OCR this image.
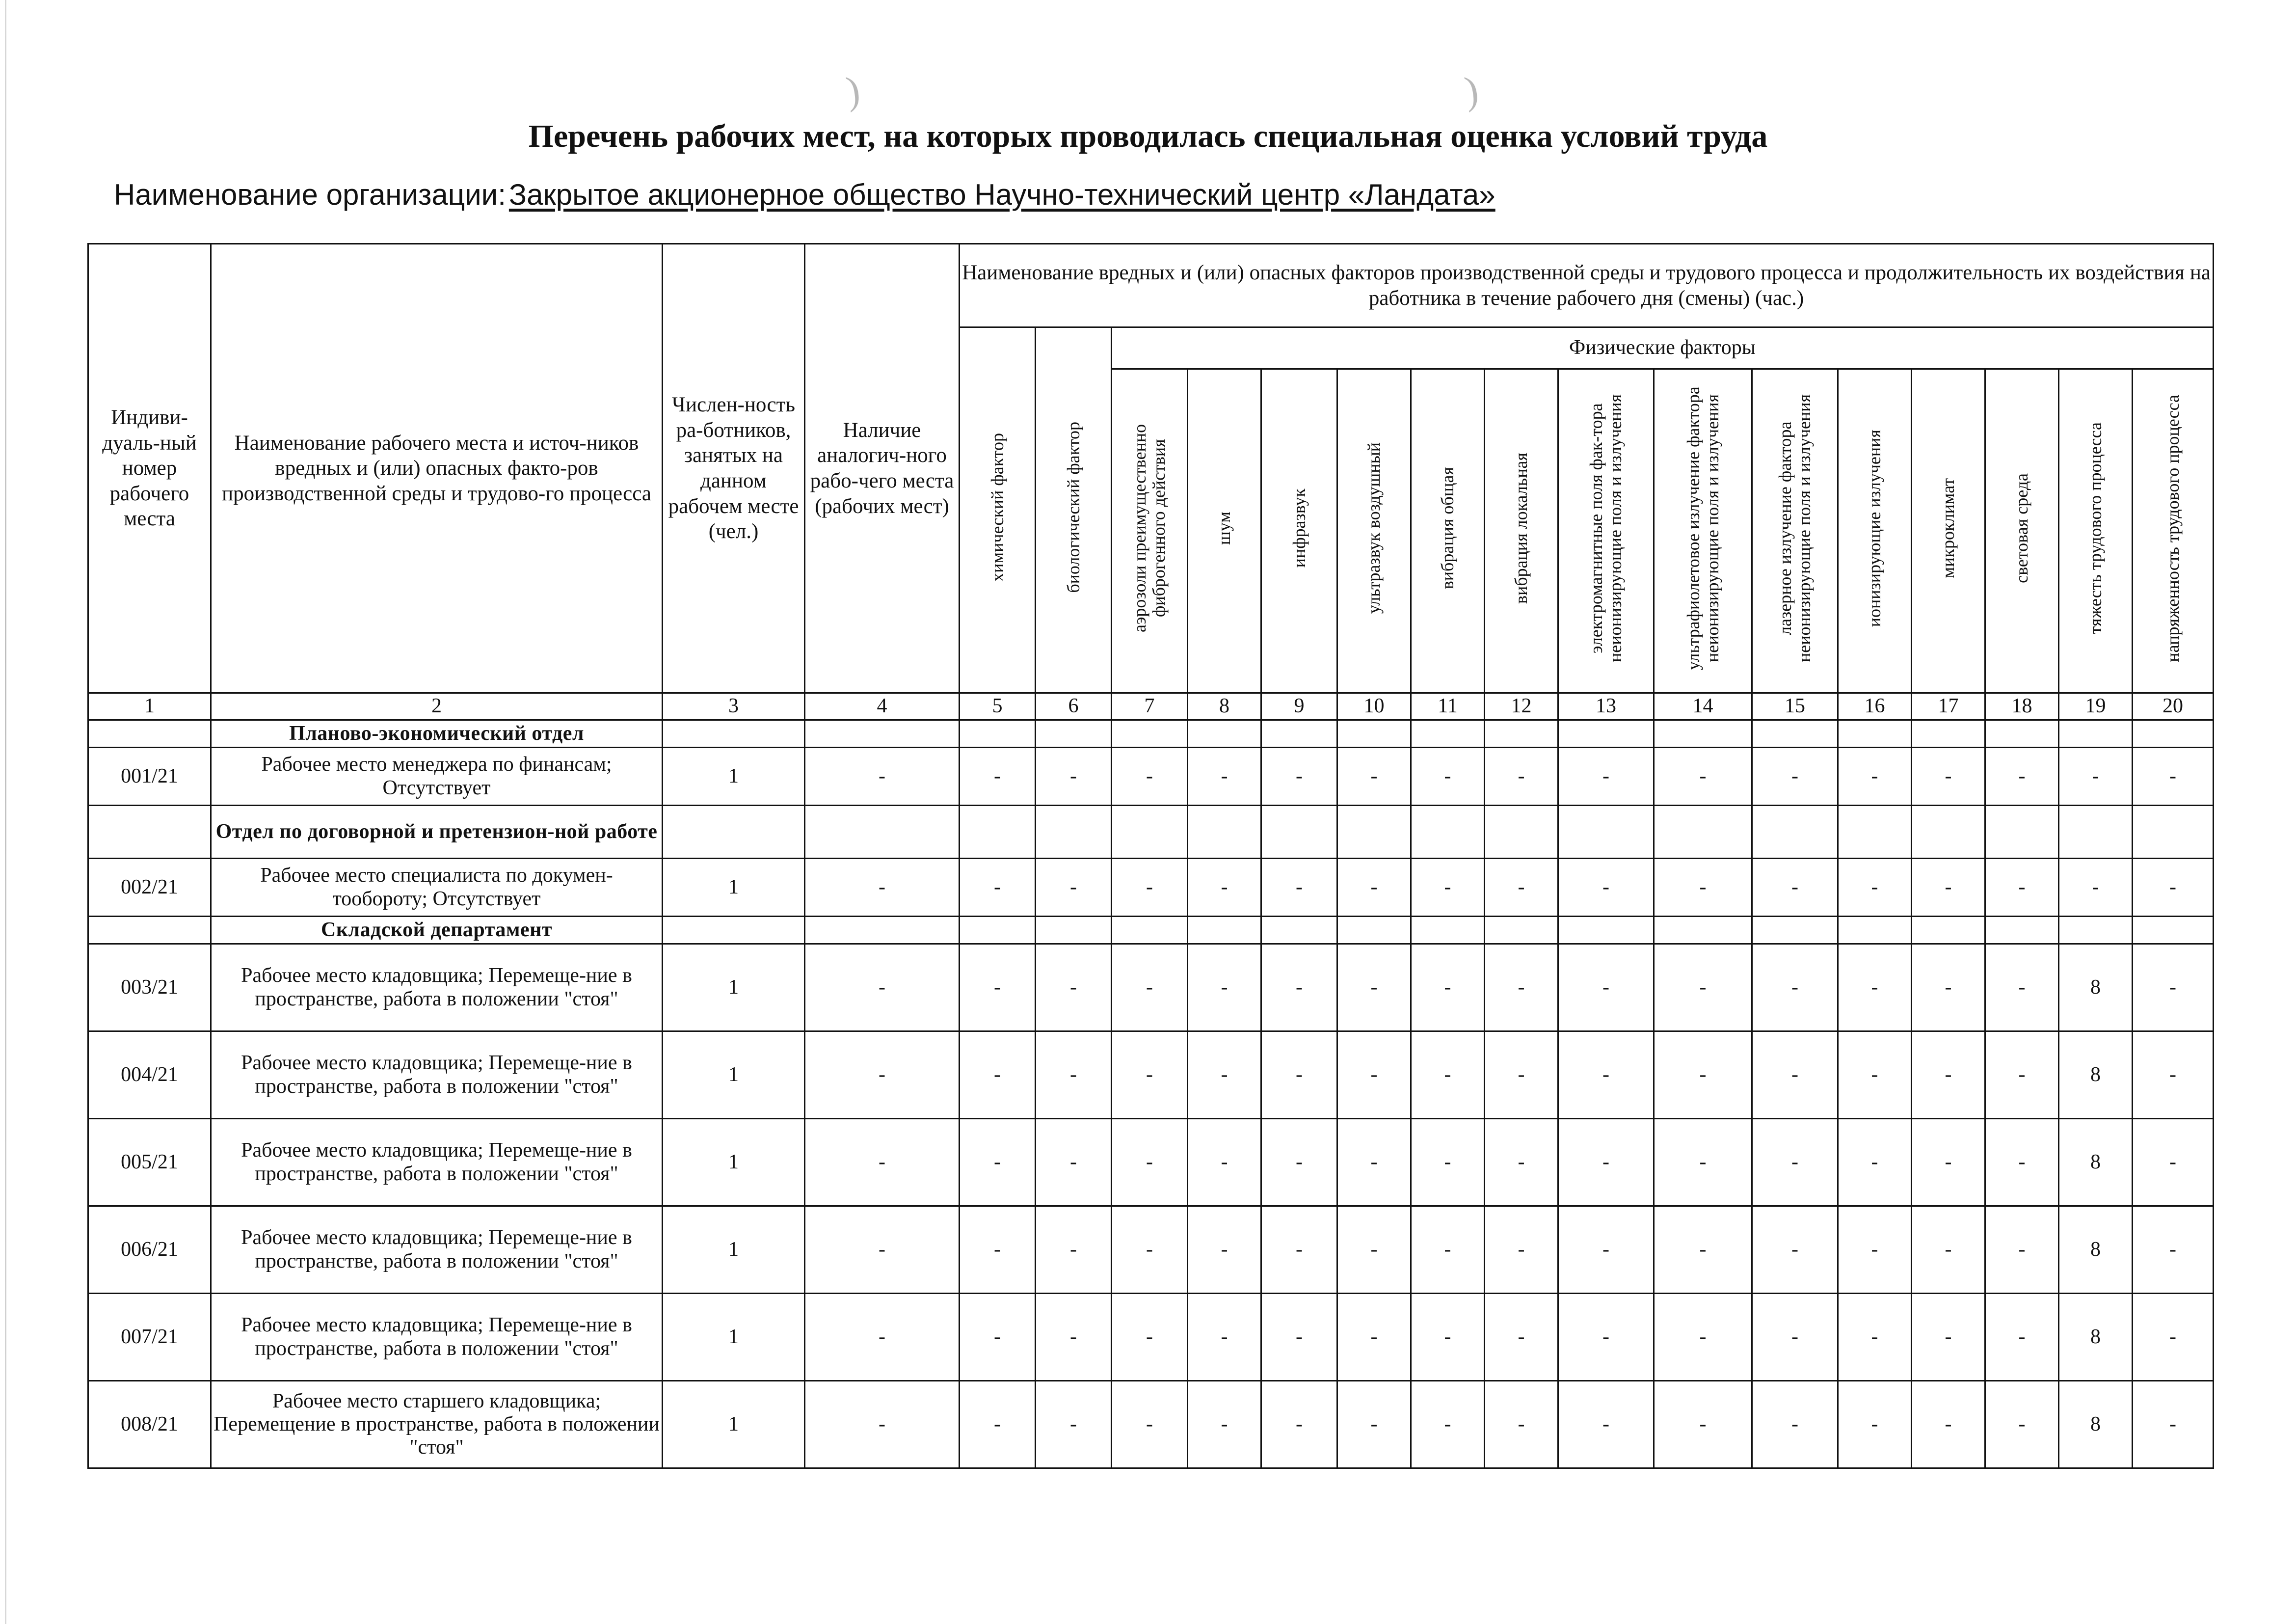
)	)
Перечень рабочих мест, на которых проводилась специальная оценка условий труда
Наименование организации: Закрытое акционерное общество Научно-технический центр «Ландата»
Индиви-дуаль-ный номер рабочего места	Наименование рабочего места и источ-ников вредных и (или) опасных факто-ров производственной среды и трудово-го процесса	Числен-ность ра-ботников, занятых на данном рабочем месте (чел.)	Наличие аналогич-ного рабо-чего места (рабочих мест)	Наименование вредных и (или) опасных факторов производственной среды и трудового процесса и продолжительность их воздействия на работника в течение рабочего дня (смены) (час.)															
				химический фактор	биологический фактор	Физические факторы													
						аэрозоли преимущественно фиброгенного действия	шум	инфразвук	ультразвук воздушный	вибрация общая	вибрация локальная	электромагнитные поля фак-тора неионизирующие поля и излучения	ультрафиолетовое излучение фактора неионизирующие поля и излучения	лазерное излучение фактора неионизирующие поля и излучения	ионизирующие излучения	микроклимат	световая среда	тяжесть трудового процесса	напряженность трудового процесса
1	2	3	4	5	6	7	8	9	10	11	12	13	14	15	16	17	18	19	20
	Планово-экономический отдел																		
001/21	Рабочее место менеджера по финансам; Отсутствует	1	-	-	-	-	-	-	-	-	-	-	-	-	-	-	-	-	-
	Отдел по договорной и претензион-ной работе																		
002/21	Рабочее место специалиста по докумен-тообороту; Отсутствует	1	-	-	-	-	-	-	-	-	-	-	-	-	-	-	-	-	-
	Складской департамент																		
003/21	Рабочее место кладовщика; Перемеще-ние в пространстве, работа в положении "стоя"	1	-	-	-	-	-	-	-	-	-	-	-	-	-	-	-	8	-
004/21	Рабочее место кладовщика; Перемеще-ние в пространстве, работа в положении "стоя"	1	-	-	-	-	-	-	-	-	-	-	-	-	-	-	-	8	-
005/21	Рабочее место кладовщика; Перемеще-ние в пространстве, работа в положении "стоя"	1	-	-	-	-	-	-	-	-	-	-	-	-	-	-	-	8	-
006/21	Рабочее место кладовщика; Перемеще-ние в пространстве, работа в положении "стоя"	1	-	-	-	-	-	-	-	-	-	-	-	-	-	-	-	8	-
007/21	Рабочее место кладовщика; Перемеще-ние в пространстве, работа в положении "стоя"	1	-	-	-	-	-	-	-	-	-	-	-	-	-	-	-	8	-
008/21	Рабочее место старшего кладовщика; Перемещение в пространстве, работа в положении "стоя"	1	-	-	-	-	-	-	-	-	-	-	-	-	-	-	-	8	-
